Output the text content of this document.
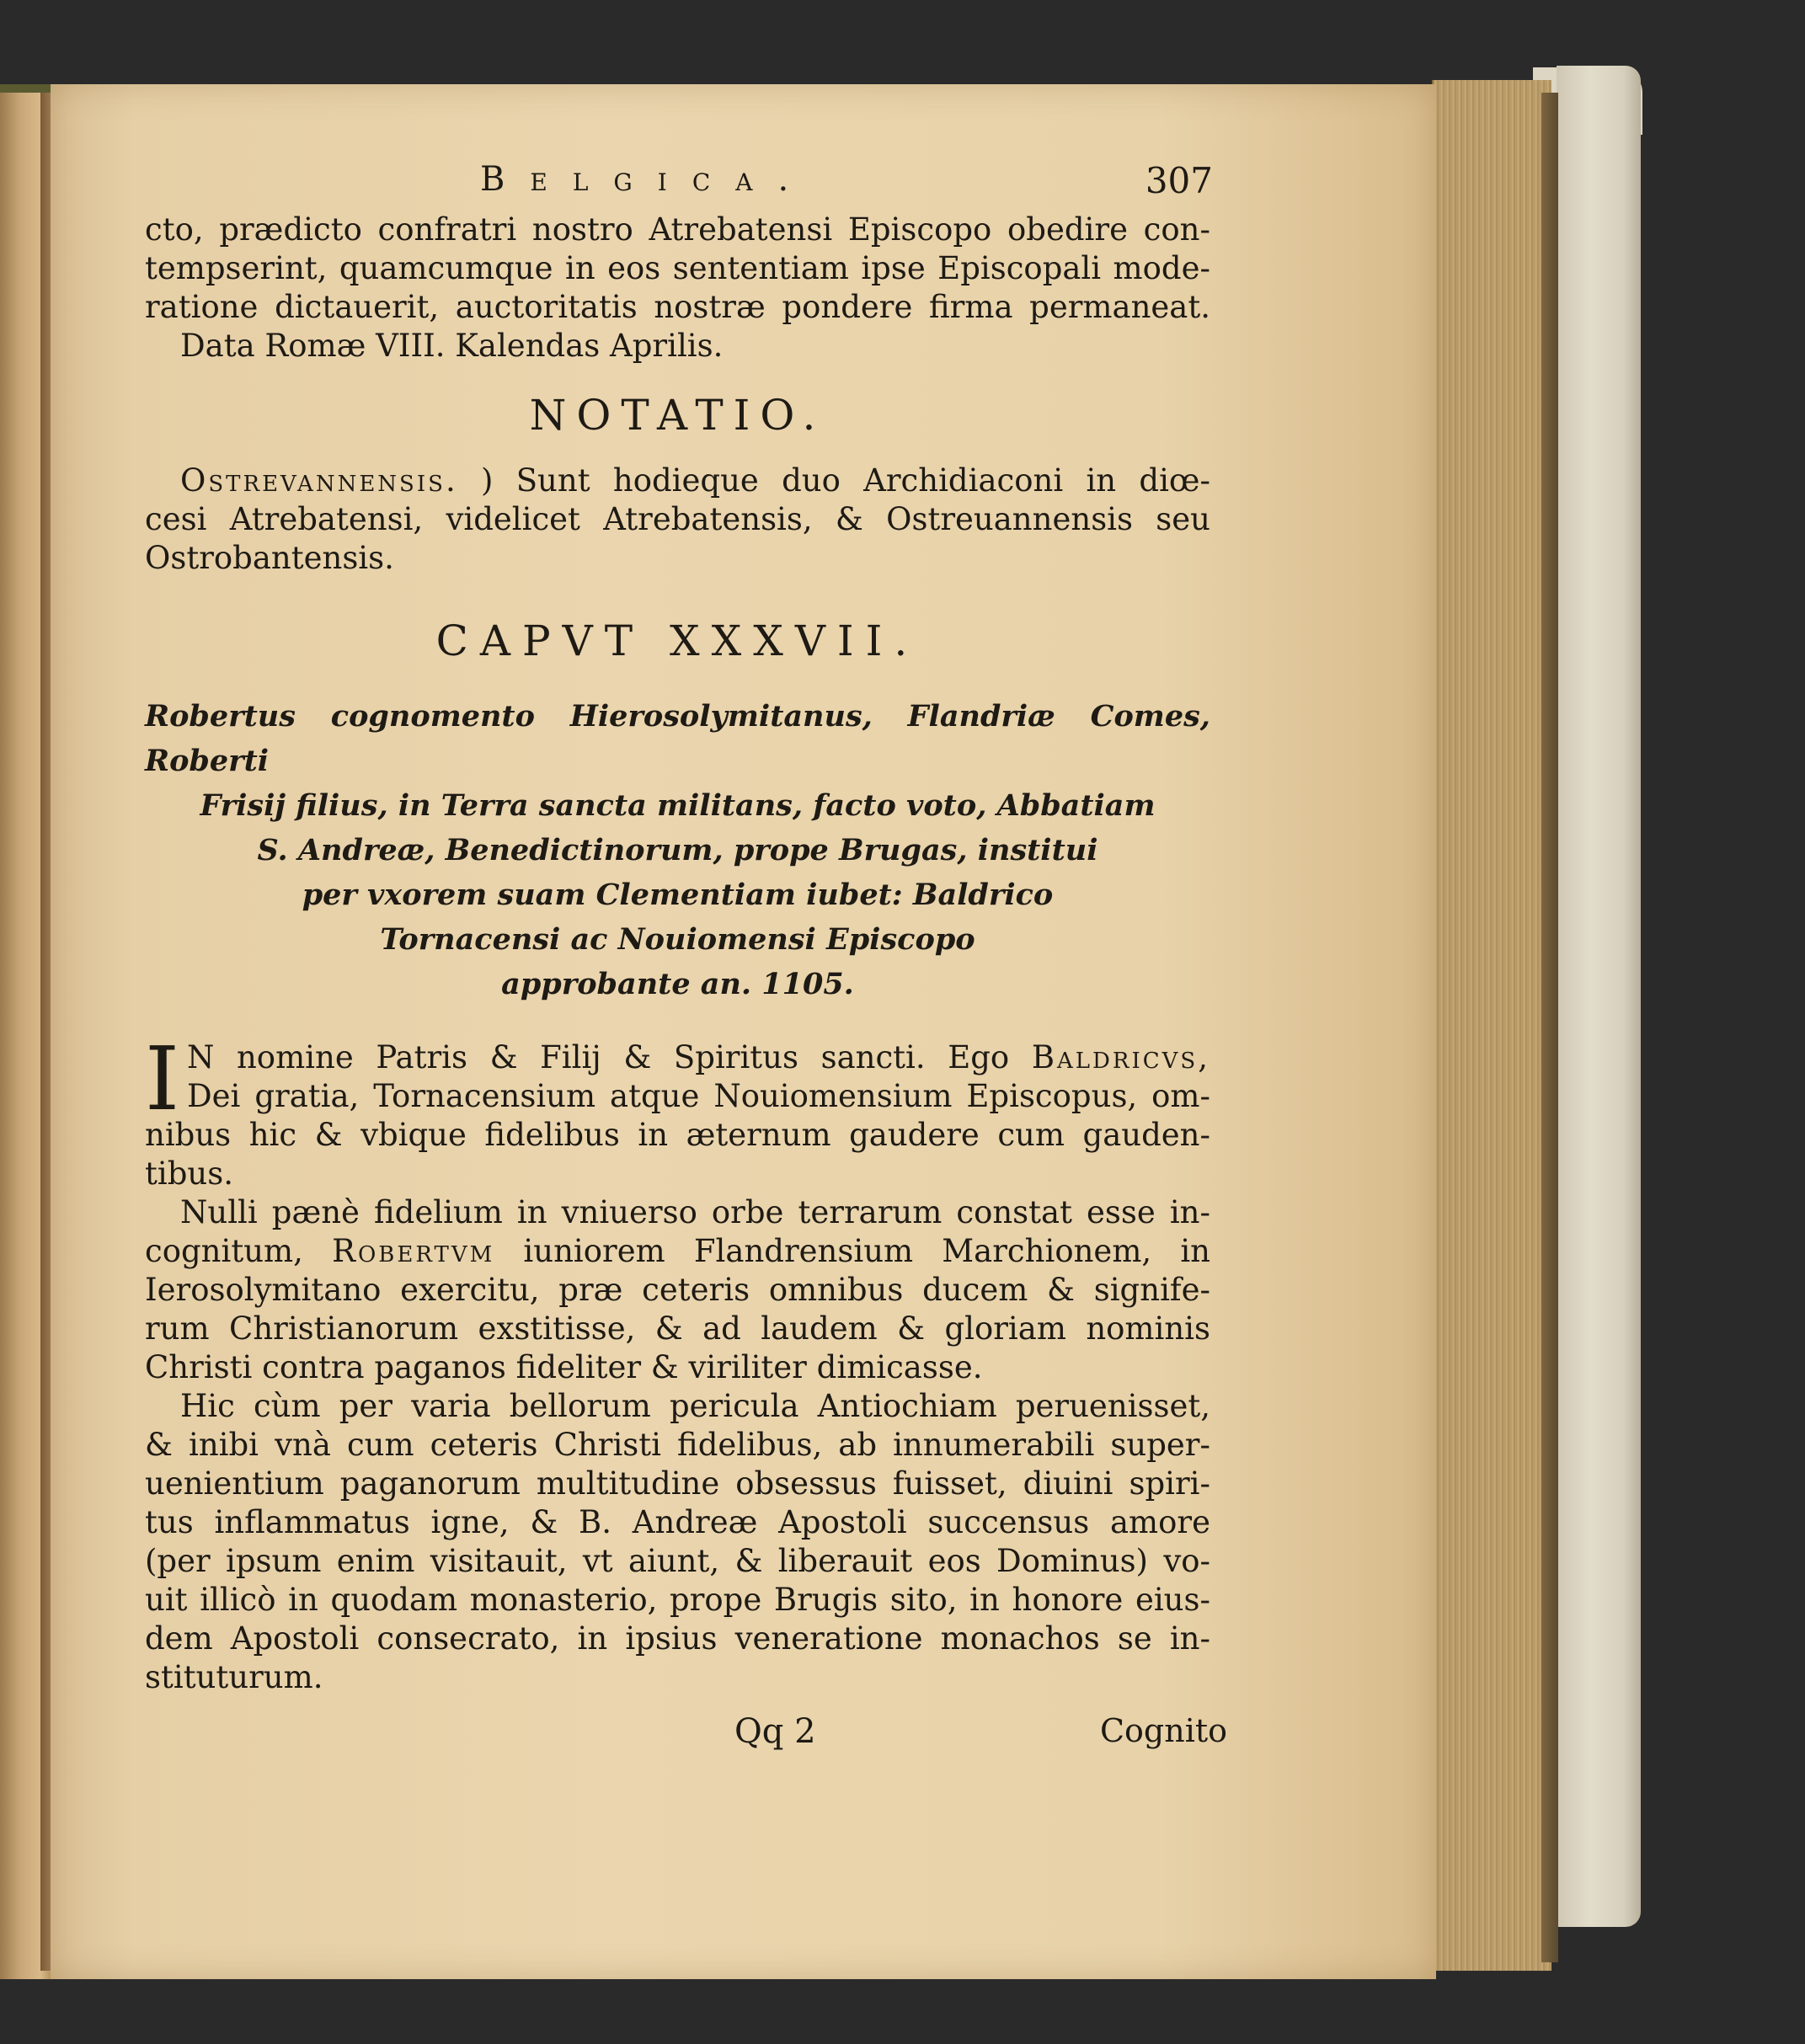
Belgica.	307
cto, prædicto confratri nostro Atrebatensi Episcopo obedire con-
tempserint, quamcumque in eos sententiam ipse Episcopali mode-
ratione dictauerit, auctoritatis nostræ pondere firma permaneat.
Data Romæ VIII. Kalendas Aprilis.
NOTATIO.
Ostrevannensis. ) Sunt hodieque duo Archidiaconi in diœ-
cesi Atrebatensi, videlicet Atrebatensis, & Ostreuannensis seu
Ostrobantensis.
CAPVT XXXVII.
Robertus cognomento Hierosolymitanus, Flandriæ Comes, Roberti
Frisij filius, in Terra sancta militans, facto voto, Abbatiam
S. Andreæ, Benedictinorum, prope Brugas, institui
per vxorem suam Clementiam iubet: Baldrico
Tornacensi ac Nouiomensi Episcopo
approbante an. 1105.
I N nomine Patris & Filij & Spiritus sancti. Ego Baldricvs,
Dei gratia, Tornacensium atque Nouiomensium Episcopus, om-
nibus hic & vbique fidelibus in æternum gaudere cum gauden-
tibus.
Nulli pænè fidelium in vniuerso orbe terrarum constat esse in-
cognitum, Robertvm iuniorem Flandrensium Marchionem, in
Ierosolymitano exercitu, præ ceteris omnibus ducem & signife-
rum Christianorum exstitisse, & ad laudem & gloriam nominis
Christi contra paganos fideliter & viriliter dimicasse.
Hic cùm per varia bellorum pericula Antiochiam peruenisset,
& inibi vnà cum ceteris Christi fidelibus, ab innumerabili super-
uenientium paganorum multitudine obsessus fuisset, diuini spiri-
tus inflammatus igne, & B. Andreæ Apostoli succensus amore
(per ipsum enim visitauit, vt aiunt, & liberauit eos Dominus) vo-
uit illicò in quodam monasterio, prope Brugis sito, in honore eius-
dem Apostoli consecrato, in ipsius veneratione monachos se in-
stituturum.
Qq 2	Cognito
